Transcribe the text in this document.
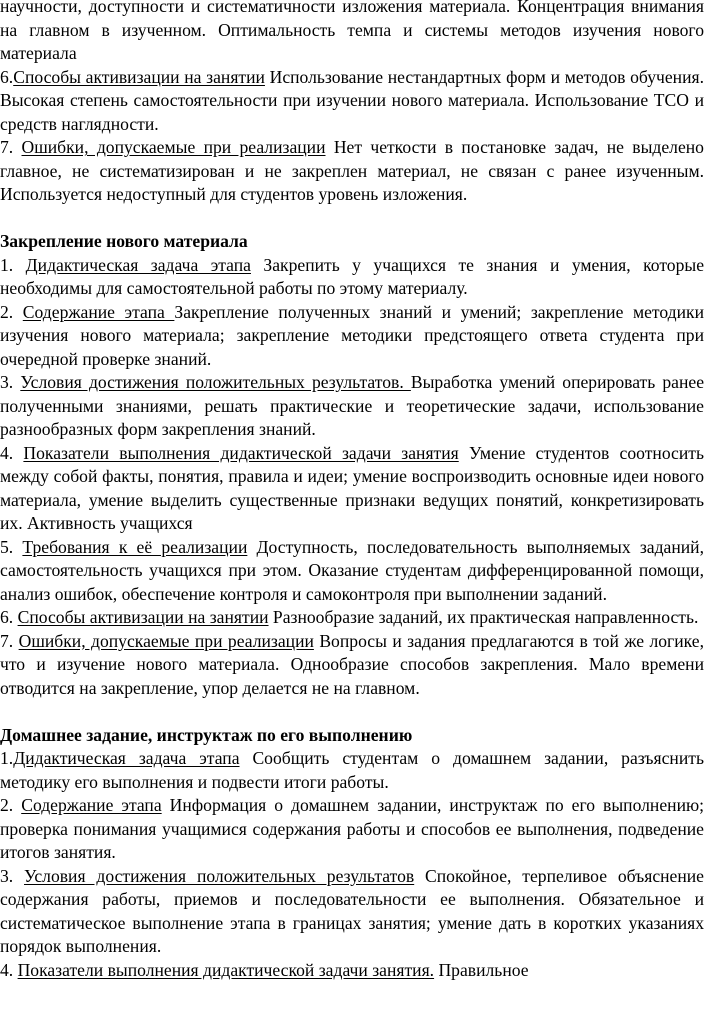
научности, доступности и систематичности изложения материала. Концентрация внимания на главном в изученном. Оптимальность темпа и системы методов изучения нового материала

6.Способы активизации на занятии Использование нестандартных форм и методов обучения. Высокая степень самостоятельности при изучении нового материала. Использование ТСО и средств наглядности.

7. Ошибки, допускаемые при реализации Нет четкости в постановке задач, не выделено главное, не систематизирован и не закреплен материал, не связан с ранее изученным. Используется недоступный для студентов уровень изложения.

Закрепление нового материала

1. Дидактическая задача этапа Закрепить у учащихся те знания и умения, которые необходимы для самостоятельной работы по этому материалу.

2. Содержание этапа Закрепление полученных знаний и умений; закрепление методики изучения нового материала; закрепление методики предстоящего ответа студента при очередной проверке знаний.

3. Условия достижения положительных результатов. Выработка умений оперировать ранее полученными знаниями, решать практические и теоретические задачи, использование разнообразных форм закрепления знаний.

4. Показатели выполнения дидактической задачи занятия Умение студентов соотносить между собой факты, понятия, правила и идеи; умение воспроизводить основные идеи нового материала, умение выделить существенные признаки ведущих понятий, конкретизировать их. Активность учащихся

5. Требования к её реализации Доступность, последовательность выполняемых заданий, самостоятельность учащихся при этом. Оказание студентам дифференцированной помощи, анализ ошибок, обеспечение контроля и самоконтроля при выполнении заданий.

6. Способы активизации на занятии Разнообразие заданий, их практическая направленность.

7. Ошибки, допускаемые при реализации Вопросы и задания предлагаются в той же логике, что и изучение нового материала. Однообразие способов закрепления. Мало времени отводится на закрепление, упор делается не на главном.

Домашнее задание, инструктаж по его выполнению

1.Дидактическая задача этапа Сообщить студентам о домашнем задании, разъяснить методику его выполнения и подвести итоги работы.

2. Содержание этапа Информация о домашнем задании, инструктаж по его выполнению; проверка понимания учащимися содержания работы и способов ее выполнения, подведение итогов занятия.

3. Условия достижения положительных результатов Спокойное, терпеливое объяснение содержания работы, приемов и последовательности ее выполнения. Обязательное и систематическое выполнение этапа в границах занятия; умение дать в коротких указаниях порядок выполнения.

4. Показатели выполнения дидактической задачи занятия. Правильное
